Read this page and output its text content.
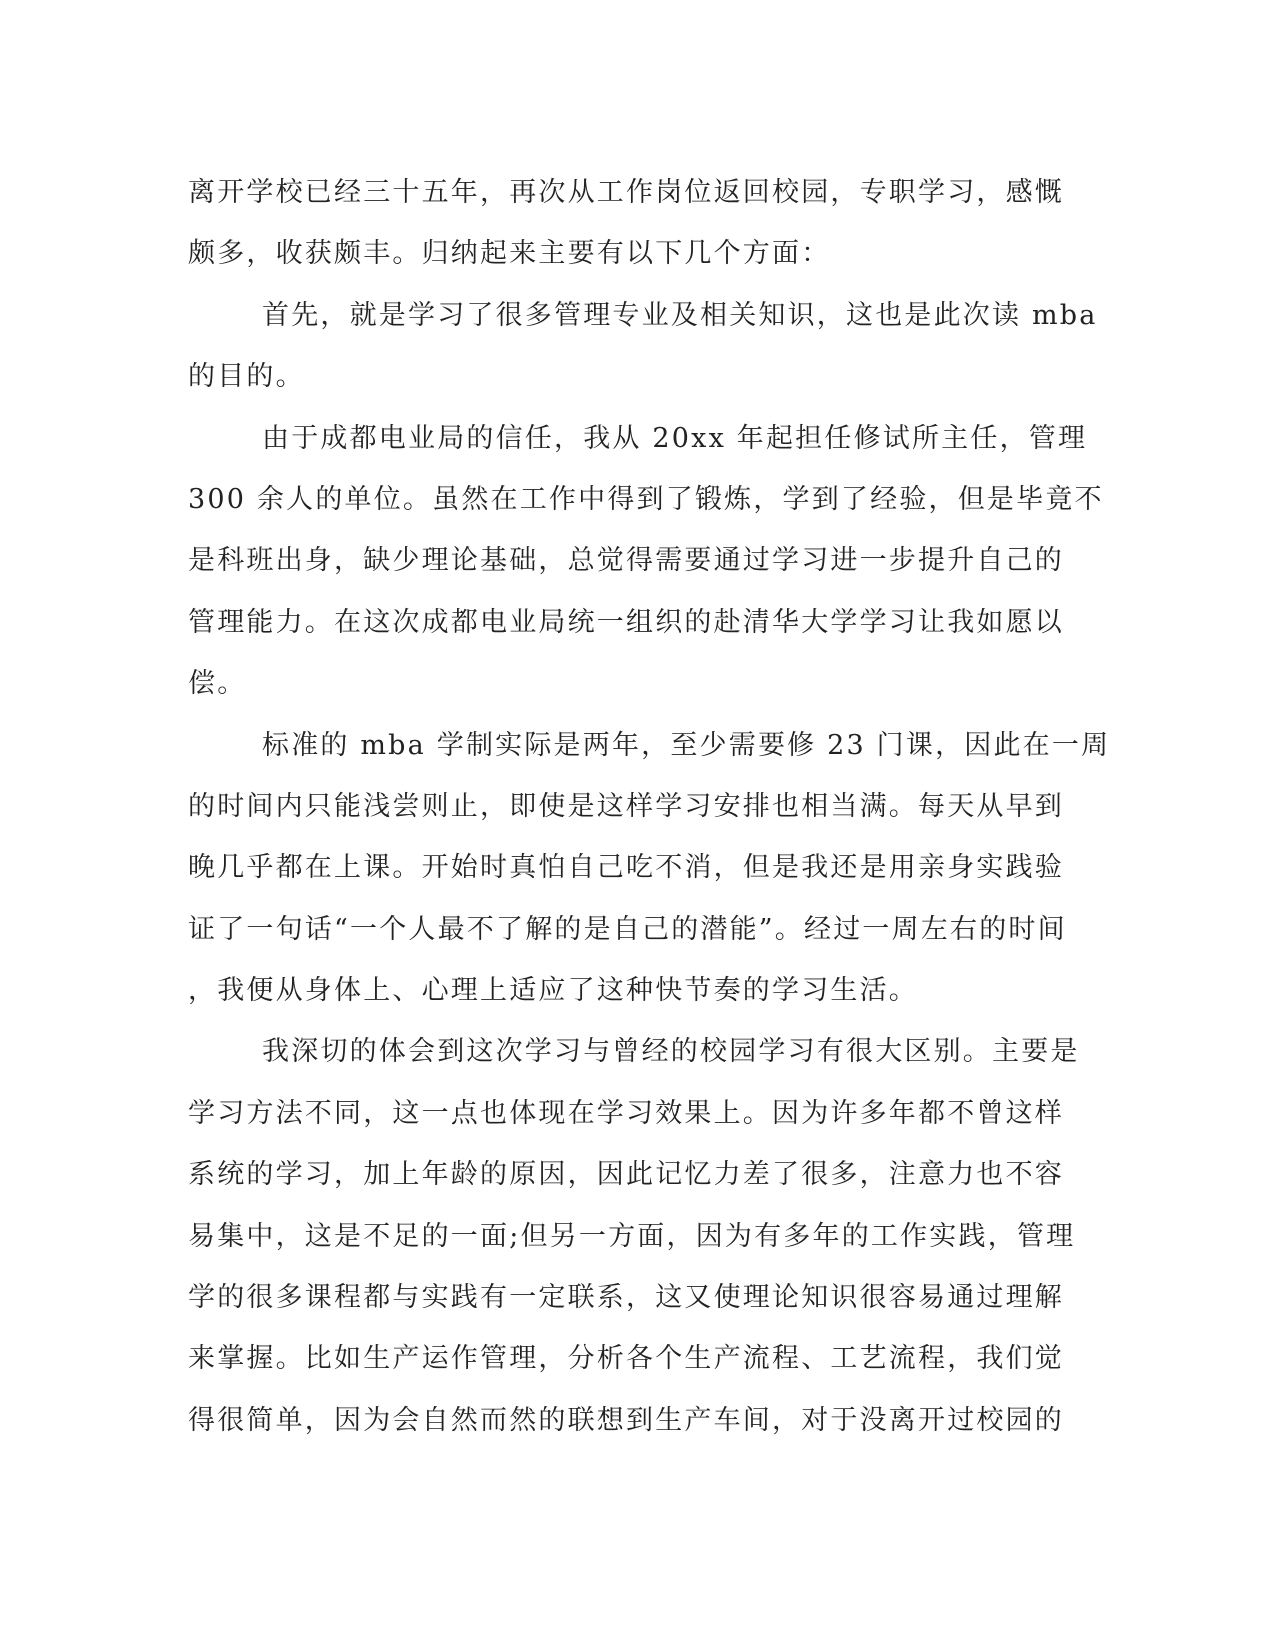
离开学校已经三十五年，再次从工作岗位返回校园，专职学习，感慨
颇多，收获颇丰。归纳起来主要有以下几个方面：
首先，就是学习了很多管理专业及相关知识，这也是此次读 mba
的目的。
由于成都电业局的信任，我从 20xx 年起担任修试所主任，管理
300 余人的单位。虽然在工作中得到了锻炼，学到了经验，但是毕竟不
是科班出身，缺少理论基础，总觉得需要通过学习进一步提升自己的
管理能力。在这次成都电业局统一组织的赴清华大学学习让我如愿以
偿。
标准的 mba 学制实际是两年，至少需要修 23 门课，因此在一周
的时间内只能浅尝则止，即使是这样学习安排也相当满。每天从早到
晚几乎都在上课。开始时真怕自己吃不消，但是我还是用亲身实践验
证了一句话“一个人最不了解的是自己的潜能”。经过一周左右的时间
，我便从身体上、心理上适应了这种快节奏的学习生活。
我深切的体会到这次学习与曾经的校园学习有很大区别。主要是
学习方法不同，这一点也体现在学习效果上。因为许多年都不曾这样
系统的学习，加上年龄的原因，因此记忆力差了很多，注意力也不容
易集中，这是不足的一面;但另一方面，因为有多年的工作实践，管理
学的很多课程都与实践有一定联系，这又使理论知识很容易通过理解
来掌握。比如生产运作管理，分析各个生产流程、工艺流程，我们觉
得很简单，因为会自然而然的联想到生产车间，对于没离开过校园的
